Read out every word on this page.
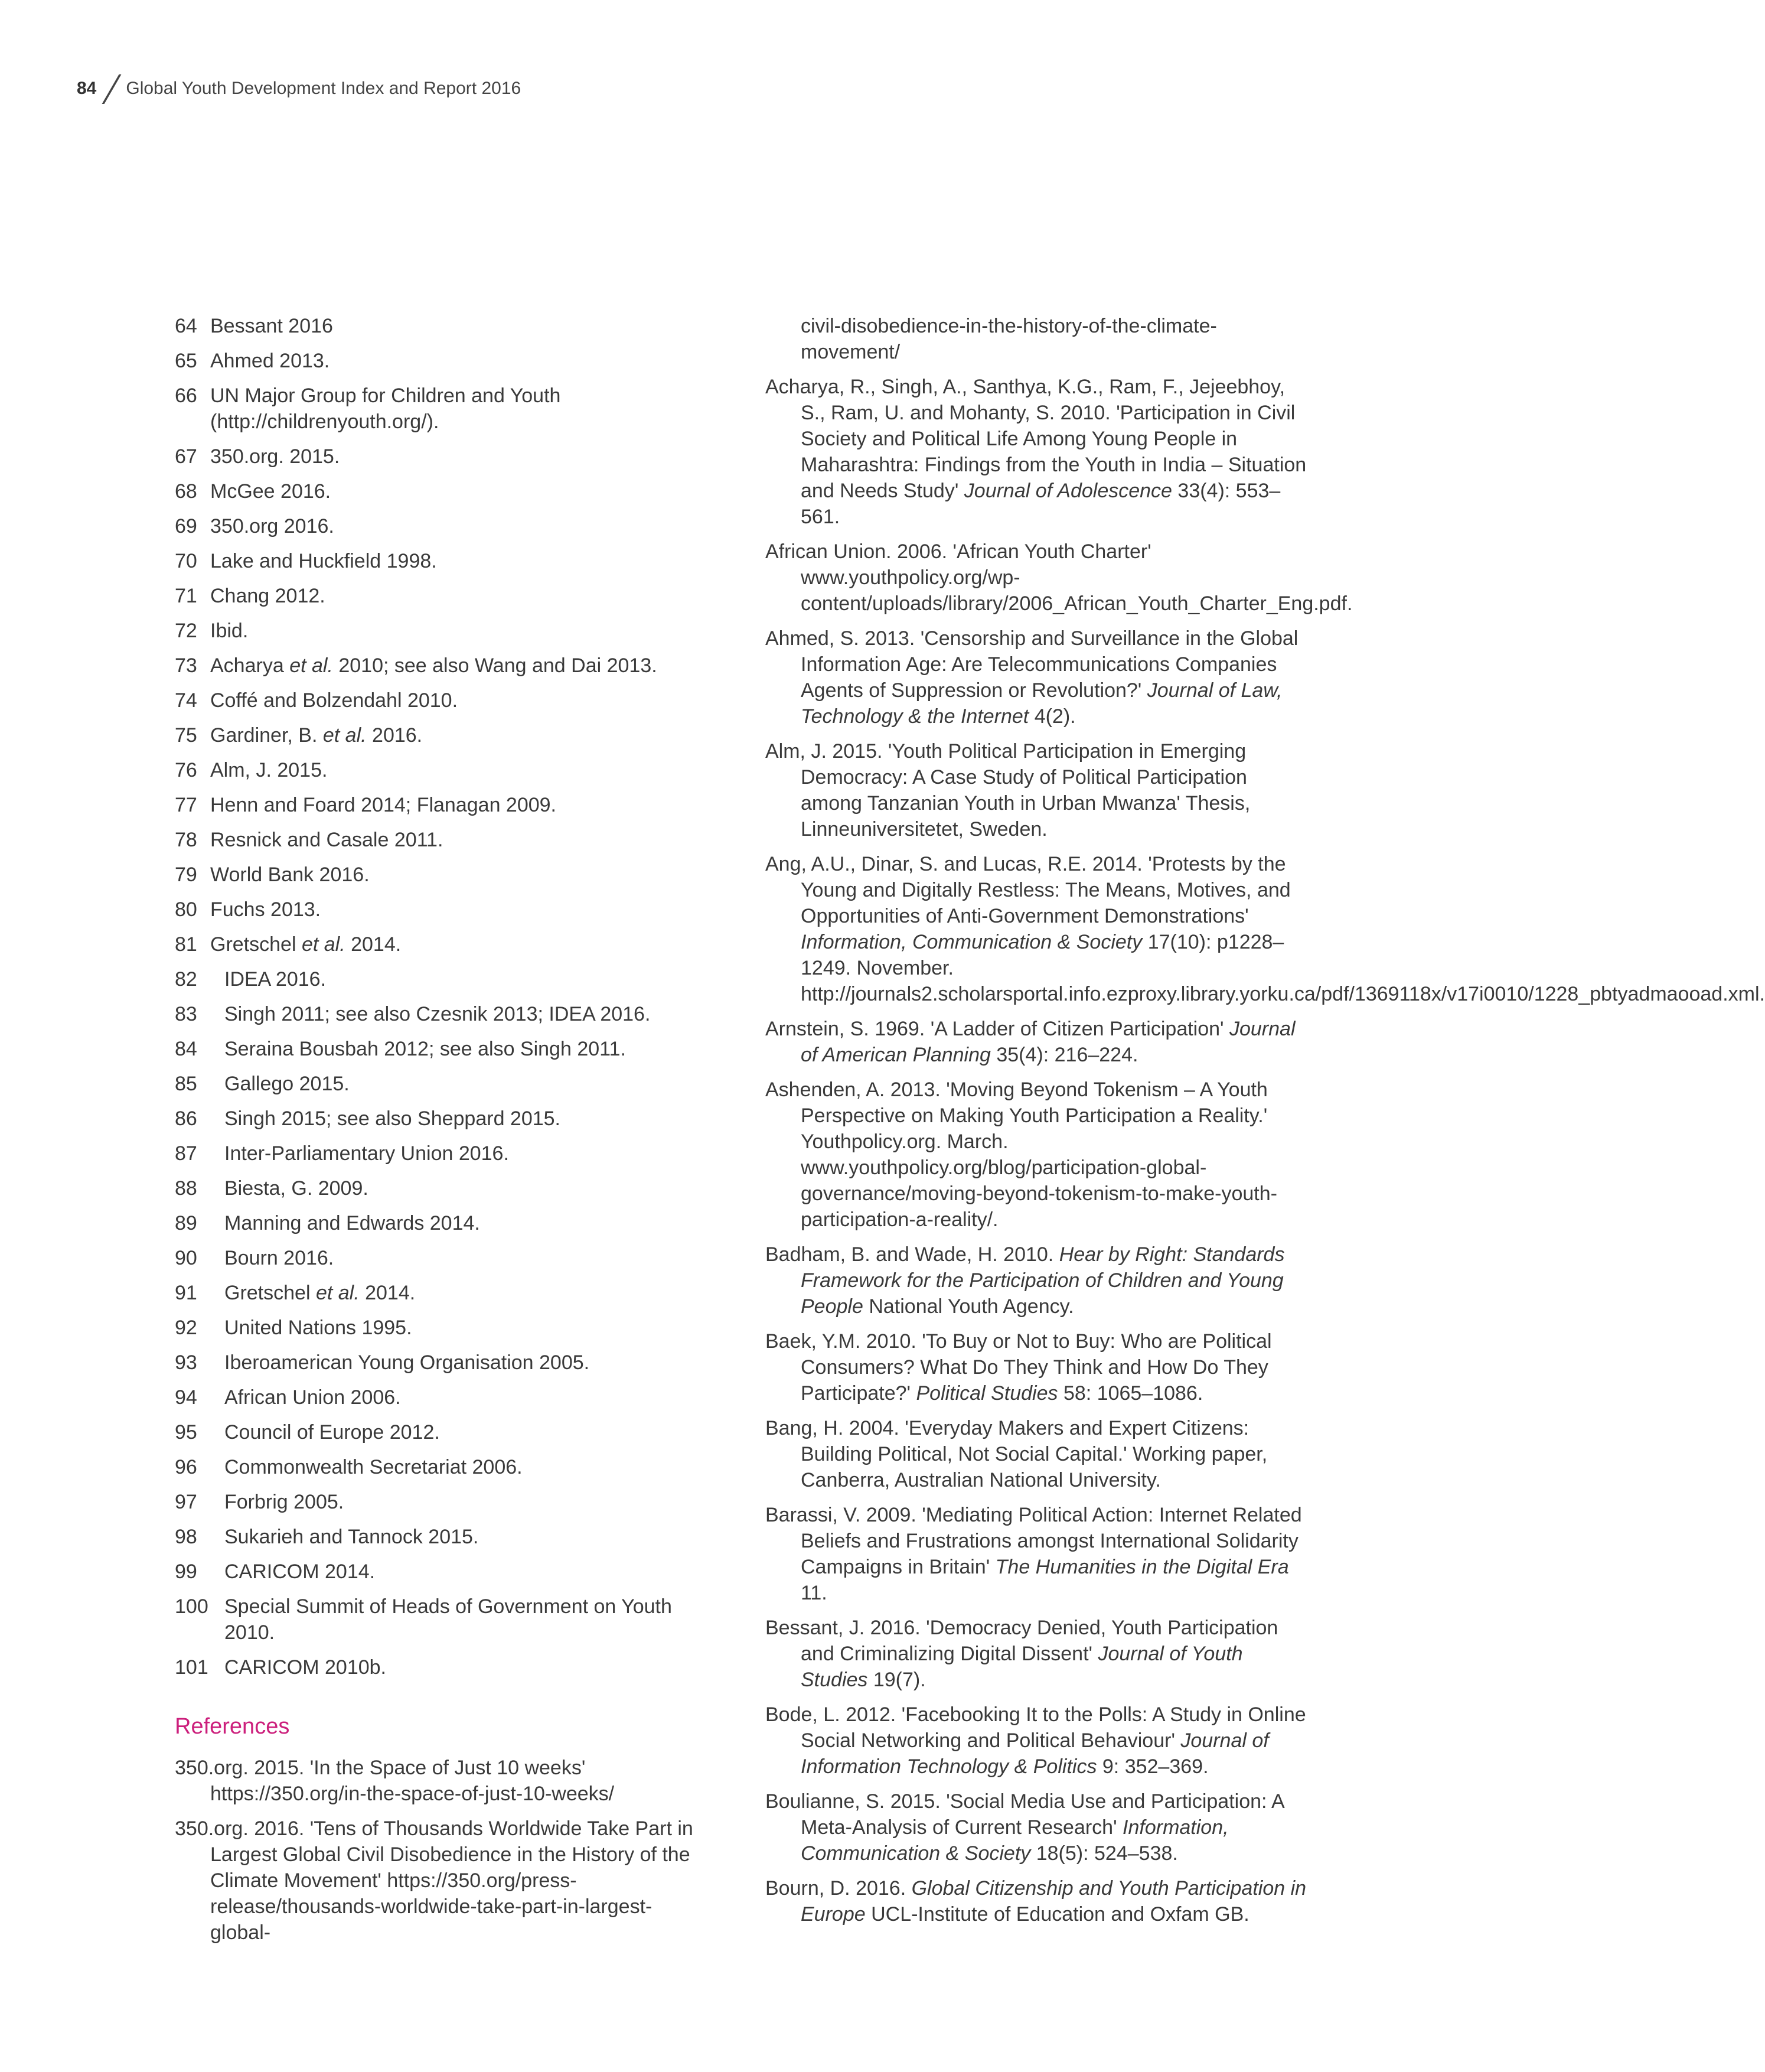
84 Global Youth Development Index and Report 2016
64 Bessant 2016
65 Ahmed 2013.
66 UN Major Group for Children and Youth (http://childrenyouth.org/).
67 350.org. 2015.
68 McGee 2016.
69 350.org 2016.
70 Lake and Huckfield 1998.
71 Chang 2012.
72 Ibid.
73 Acharya et al. 2010; see also Wang and Dai 2013.
74 Coffé and Bolzendahl 2010.
75 Gardiner, B. et al. 2016.
76 Alm, J. 2015.
77 Henn and Foard 2014; Flanagan 2009.
78 Resnick and Casale 2011.
79 World Bank 2016.
80 Fuchs 2013.
81 Gretschel et al. 2014.
82	IDEA 2016.
83	Singh 2011; see also Czesnik 2013; IDEA 2016.
84	Seraina Bousbah 2012; see also Singh 2011.
85	Gallego 2015.
86	Singh 2015; see also Sheppard 2015.
87	Inter-Parliamentary Union 2016.
88	Biesta, G. 2009.
89	Manning and Edwards 2014.
90	Bourn 2016.
91	Gretschel et al. 2014.
92	United Nations 1995.
93	Iberoamerican Young Organisation 2005.
94	African Union 2006.
95	Council of Europe 2012.
96	Commonwealth Secretariat 2006.
97	Forbrig 2005.
98	Sukarieh and Tannock 2015.
99	CARICOM 2014.
100 Special Summit of Heads of Government on Youth 2010.
101 CARICOM 2010b.
References
350.org. 2015. 'In the Space of Just 10 weeks' https://350.org/in-the-space-of-just-10-weeks/
350.org. 2016. 'Tens of Thousands Worldwide Take Part in Largest Global Civil Disobedience in the History of the Climate Movement' https://350.org/press-release/thousands-worldwide-take-part-in-largest-global-
civil-disobedience-in-the-history-of-the-climate-movement/
Acharya, R., Singh, A., Santhya, K.G., Ram, F., Jejeebhoy, S., Ram, U. and Mohanty, S. 2010. 'Participation in Civil Society and Political Life Among Young People in Maharashtra: Findings from the Youth in India – Situation and Needs Study' Journal of Adolescence 33(4): 553–561.
African Union. 2006. 'African Youth Charter' www.youthpolicy.org/wp-content/uploads/library/2006_African_Youth_Charter_Eng.pdf.
Ahmed, S. 2013. 'Censorship and Surveillance in the Global Information Age: Are Telecommunications Companies Agents of Suppression or Revolution?' Journal of Law, Technology & the Internet 4(2).
Alm, J. 2015. 'Youth Political Participation in Emerging Democracy: A Case Study of Political Participation among Tanzanian Youth in Urban Mwanza' Thesis, Linneuniversitetet, Sweden.
Ang, A.U., Dinar, S. and Lucas, R.E. 2014. 'Protests by the Young and Digitally Restless: The Means, Motives, and Opportunities of Anti-Government Demonstrations' Information, Communication & Society 17(10): p1228–1249. November. http://journals2.scholarsportal.info.ezproxy.library.yorku.ca/pdf/1369118x/v17i0010/1228_pbtyadmaooad.xml.
Arnstein, S. 1969. 'A Ladder of Citizen Participation' Journal of American Planning 35(4): 216–224.
Ashenden, A. 2013. 'Moving Beyond Tokenism – A Youth Perspective on Making Youth Participation a Reality.' Youthpolicy.org. March. www.youthpolicy.org/blog/participation-global-governance/moving-beyond-tokenism-to-make-youth-participation-a-reality/.
Badham, B. and Wade, H. 2010. Hear by Right: Standards Framework for the Participation of Children and Young People National Youth Agency.
Baek, Y.M. 2010. 'To Buy or Not to Buy: Who are Political Consumers? What Do They Think and How Do They Participate?' Political Studies 58: 1065–1086.
Bang, H. 2004. 'Everyday Makers and Expert Citizens: Building Political, Not Social Capital.' Working paper, Canberra, Australian National University.
Barassi, V. 2009. 'Mediating Political Action: Internet Related Beliefs and Frustrations amongst International Solidarity Campaigns in Britain' The Humanities in the Digital Era 11.
Bessant, J. 2016. 'Democracy Denied, Youth Participation and Criminalizing Digital Dissent' Journal of Youth Studies 19(7).
Bode, L. 2012. 'Facebooking It to the Polls: A Study in Online Social Networking and Political Behaviour' Journal of Information Technology & Politics 9: 352–369.
Boulianne, S. 2015. 'Social Media Use and Participation: A Meta-Analysis of Current Research' Information, Communication & Society 18(5): 524–538.
Bourn, D. 2016. Global Citizenship and Youth Participation in Europe UCL-Institute of Education and Oxfam GB.
